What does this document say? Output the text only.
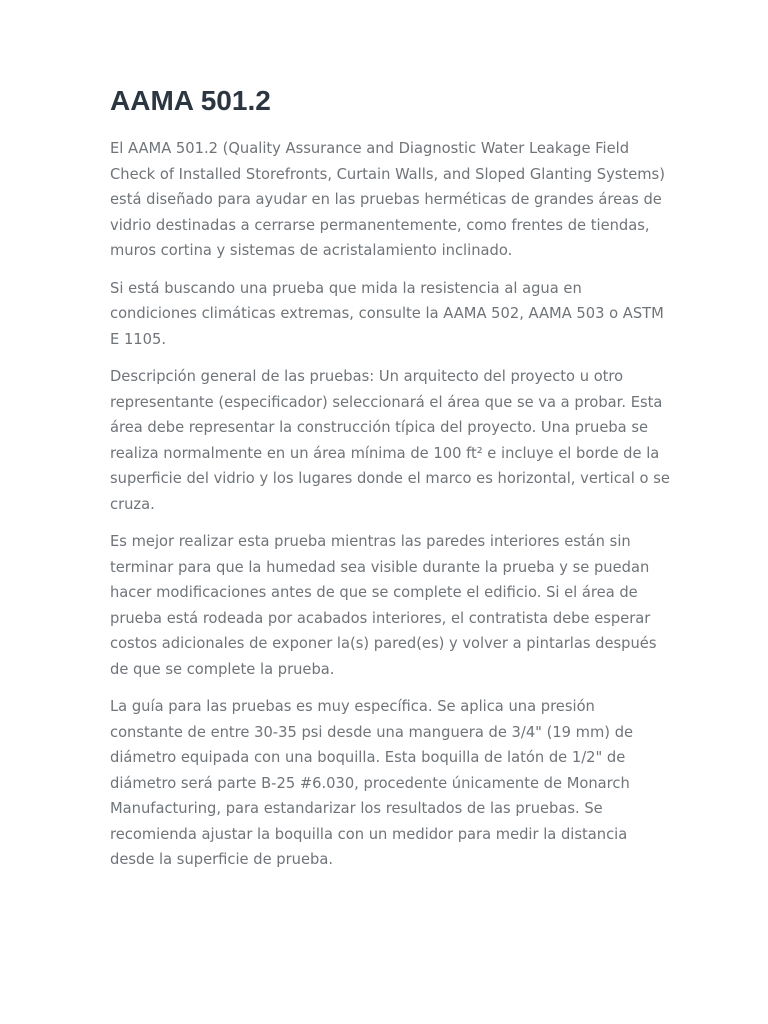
AAMA 501.2

El AAMA 501.2 (Quality Assurance and Diagnostic Water Leakage Field Check of Installed Storefronts, Curtain Walls, and Sloped Glanting Systems) está diseñado para ayudar en las pruebas herméticas de grandes áreas de vidrio destinadas a cerrarse permanentemente, como frentes de tiendas, muros cortina y sistemas de acristalamiento inclinado.

Si está buscando una prueba que mida la resistencia al agua en condiciones climáticas extremas, consulte la AAMA 502, AAMA 503 o ASTM E 1105.

Descripción general de las pruebas: Un arquitecto del proyecto u otro representante (especificador) seleccionará el área que se va a probar. Esta área debe representar la construcción típica del proyecto. Una prueba se realiza normalmente en un área mínima de 100 ft² e incluye el borde de la superficie del vidrio y los lugares donde el marco es horizontal, vertical o se cruza.

Es mejor realizar esta prueba mientras las paredes interiores están sin terminar para que la humedad sea visible durante la prueba y se puedan hacer modificaciones antes de que se complete el edificio. Si el área de prueba está rodeada por acabados interiores, el contratista debe esperar costos adicionales de exponer la(s) pared(es) y volver a pintarlas después de que se complete la prueba.

La guía para las pruebas es muy específica. Se aplica una presión constante de entre 30-35 psi desde una manguera de 3/4" (19 mm) de diámetro equipada con una boquilla. Esta boquilla de latón de 1/2" de diámetro será parte B-25 #6.030, procedente únicamente de Monarch Manufacturing, para estandarizar los resultados de las pruebas. Se recomienda ajustar la boquilla con un medidor para medir la distancia desde la superficie de prueba.
